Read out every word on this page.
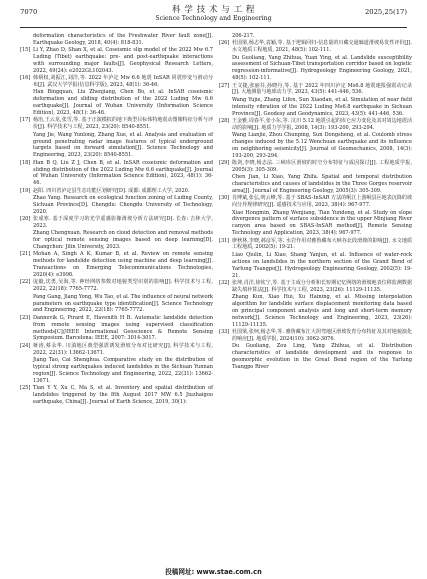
7070	科 学 技 术 与 工 程
Science Technology and Engineering
2025,25(17)
deformation characteristics of the Freshwater River fault zone[J]. Earthquake Geology, 2018, 40(4): 818-831.
[15] Li Y, Zhao D, Shan X, et al. Coseismic slip model of the 2022 Mw 6.7 Luding (Tibet) earthquake: pre- and post-earthquake interactions with surrounding major faults[J]. Geophysical Research Letters, 2022, 49(24): e2022GL102043.
[16] 韩炳权,刘振江,刘洋,等. 2022 年泸定 Mw 6.6 地震 InSAR 同震形变与滑动分布[J]. 武汉大学学报(信息科学版), 2023, 48(1): 36-46.
Han Bingquan, Liu Zhenjiang, Chen Bo, et al. InSAR coseismic deformation and sliding distribution of the 2022 Luding Mw 6.6 earthquake[J]. Journal of Wuhan University (Information Science Edition), 2023, 48(1): 36-46.
[17] 杨治,王云龙,张雪,等. 基于正演模拟的地下典型目标体特地震动图像特征分析与评价[J]. 科学技术与工程, 2023, 23(20): 8540-8551.
Yang Jie, Wang Yunlong, Zhang Xue, et al. Analysis and evaluation of ground penetrating radar image features of typical underground targets based on forward simulation[J]. Science Technology and Engineering, 2023, 23(20): 8540-8551.
[18] Han B Q, Liu Z J, Chen B, et al. InSAR coseismic deformation and sliding distribution of the 2022 Luding Mw 6.6 earthquake[J]. Journal of Wuhan University (Information Science Edition), 2023, 48(1): 36-46.
[19] 赵阳. 四川省泸定县生态功能区划研究[D]. 成都: 成都理工大学, 2020.
Zhao Yang. Research on ecological function zoning of Luding County, Sichuan Province[D]. Chengdu: Chengdu University of Technology, 2020.
[20] 张成寒. 基于深度学习的光学遥感影像滑坡分析方法研究[D]. 长春: 吉林大学, 2023.
Zhang Chengxuan. Research on cloud detection and removal methods for optical remote sensing images based on deep learning[D]. Changchun: Jilin University, 2023.
[21] Mohan A, Singh A K, Kumar B, et al. Review on remote sensing methods for landslide detection using machine and deep learning[J]. Transactions on Emerging Telecommunications Technologies, 2020(4): e3998.
[22] 庞毅,沈勇,吴海,等. 神经网络参数对地貌类型识别的影响[J]. 科学技术与工程, 2022, 22(18): 7765-7772.
Pang Gang, Jiang Yong, Wu Tao, et al. The influence of neural network parameters on earthquake type identification[J]. Science Technology and Engineering, 2022, 22(18): 7765-7772.
[23] Dannevik G, Pirard E, Havenith H B. Automatic landslide detection from remote sensing images using supervised classification methods[C]//IEEE International Geoscience & Remote Sensing Symposium. Barcelona: IEEE, 2007: 3014-3017.
[24] 蒋涛,蔡永华. 川滇地区典型强震诱发滑坡分布对比研究[J]. 科学技术与工程, 2022, 22(31): 13662-13671.
Jiang Tao, Cai Shenghua. Comparative study on the distribution of typical strong earthquakes induced landslides in the Sichuan Yunnan region[J]. Science Technology and Engineering, 2022, 22(31): 13662-13671.
[25] Tian Y Y, Xu C, Ma S, et al. Inventory and spatial distribution of landslides triggered by the 8th August 2017 MW 6.5 Jiuzhaigou earthquake, China[J]. Journal of Earth Science, 2019, 30(1):
206-217.
[26] 杜国梁,杨志华,袁颖,等. 基于逻辑回归-信息量的川藏交通廊道滑坡易发性评价[J]. 水文地质工程地质, 2021, 48(5): 102-111.
Du Guoliang, Yang Zhihua, Yuan Ying, et al. Landslide susceptibility assessment of Sichuan-Tibet transportation corridor based on logistic regression-informative[J]. Hydrogeology Engineering Geology, 2021, 48(5): 102-111.
[27] 王文捷,张丽芬,孙晓丹,等. 基于 2022 年四川泸定 Ms6.8 地震速报强震动记录[J]. 大地测量与地球动力学, 2023, 43(5): 441-446, 536.
Wang Yujie, Zhang Lifen, Sun Xiaodan, et al. Simulation of near field intensity vibration of the 2022 Luding Ms6.8 earthquake in Sichuan Province[J]. Geodesy and Geodynamics, 2023, 43(5): 441-446, 536.
[28] 王金雅,周春平,张小东,等. 汶川 5.12 地震引起的库仑应力变化及其对周边地震活动的影响[J]. 地质力学学报, 2008, 14(3): 193-200, 293-294.
Wang Lianjie, Zhou Chunping, Sun Dongsheng, et al. Coulomb stress changes induced by the 5.12 Wenchuan earthquake and its influence on neighboring seismicity[J]. Journal of Geomechanics, 2008, 14(3): 193-200, 293-294.
[29] 陈剑,李晓,杨志法. 三峡库区滑坡的时空分布特征与成因探讨[J]. 工程地质学报, 2005(3): 305-309.
Chen Jian, Li Xiao, Yang Zhifa. Spatial and temporal distribution characteristics and causes of landslides in the Three Gorges reservoir area[J]. Journal of Engineering Geology, 2005(3): 305-309.
[30] 肖博斌,张弘,明云峰,等. 基于 SBAS-InSAR 方法的岷江上游岷县区地表沉降的坡向分异规律研究[J]. 遥感技术与应用, 2023, 38(4): 967-977.
Xiao Hongmin, Zhang Wenjiang, Tian Yundong, et al. Study on slope divergence pattern of surface subsidence in the upper Minjiang River canyon area based on SBAS-InSAR method[J]. Remote Sensing Technology and Application, 2023, 38(4): 967-977.
[31] 廖秋林,李晓,郝彦军,等. 水岩作用对雅鲁藏布大峡谷北段滑坡的影响[J]. 水文地质工程地质, 2002(5): 19-21.
Liao Qiulin, Li Xiao, Shang Yanjun, et al. Influence of water-rock actions on landslides in the northern section of the Grand Bend of Yarlung Tsangpo[J]. Hydrogeology Engineering Geology, 2002(5): 19-21.
[32] 张坤,肖洋,徐钦宁,等. 基于主成分分析和长短期记忆网络的滑坡地表位移监测数据缺失填补算法[J]. 科学技术与工程, 2023, 23(26): 11129-11135.
Zhang Kun, Xiao Hui, Xu Haining, et al. Missing interpolation algorithm for landslide surface displacement monitoring data based on principal component analysis and long and short-term memory network[J]. Science Technology and Engineering, 2023, 23(26): 11129-11135.
[33] 杜国梁,张柯,杨志华,等. 雅鲁藏布江大拐弯地区滑坡发育分布特征及其对地貌演化的响应[J]. 地质学报, 2024(10): 3062-3076.
Du Guoliang, Zou Ling, Yang Zhihua, et al. Distribution characteristics of landslide development and its response to geomorphic evolution in the Great Bend region of the Yarlung Tsangpo River
投稿网址: www.stae.com.cn
